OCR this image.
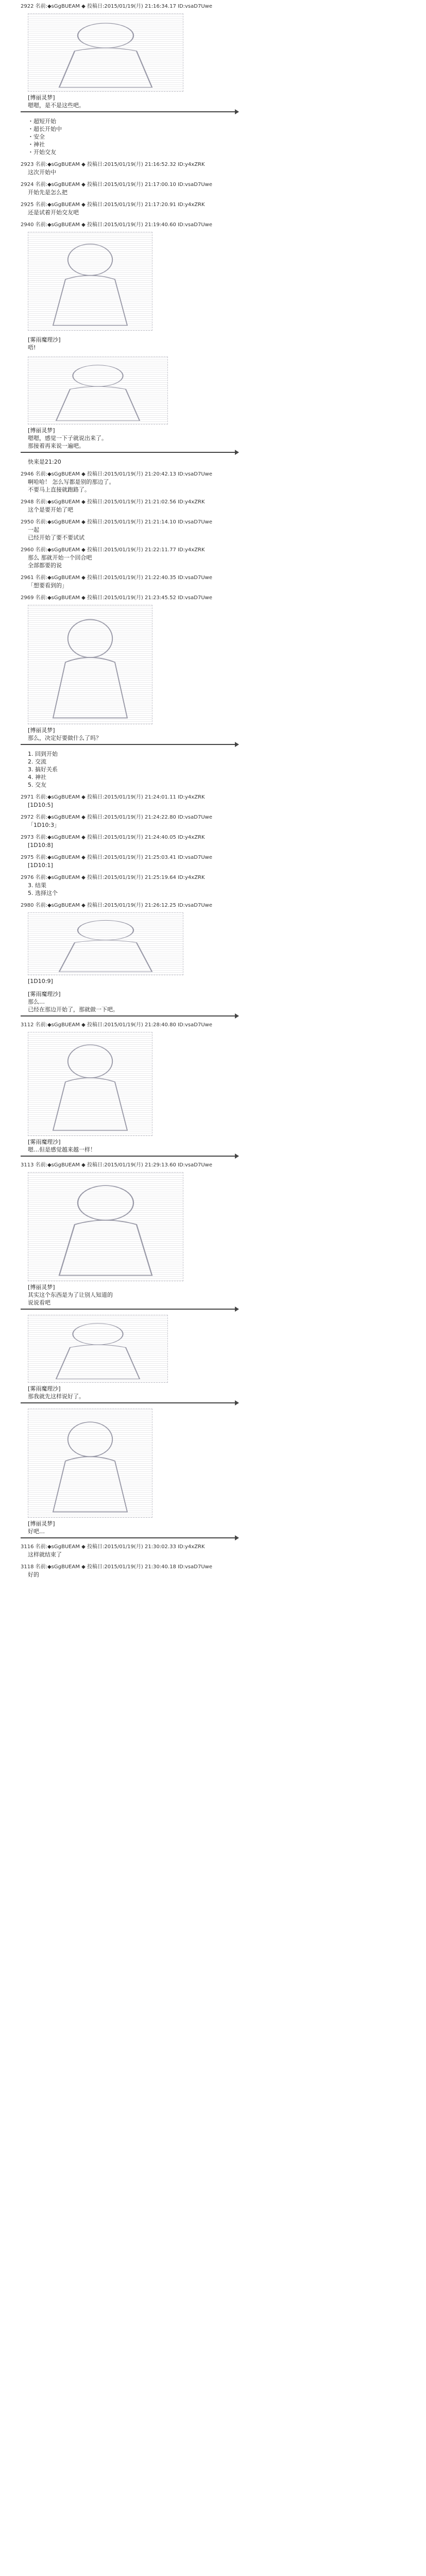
2922 名前:◆sGgBUEAM ◆ 投稿日:2015/01/19(月) 21:16:34.17 ID:vsaD7Uwe
[博丽灵梦]
嗯嗯，是不是这些吧。
・超短开始
・超长开始中
・安全
・神社
・开始交友
2923 名前:◆sGgBUEAM ◆ 投稿日:2015/01/19(月) 21:16:52.32 ID:y4xZRK
这次开始中
2924 名前:◆sGgBUEAM ◆ 投稿日:2015/01/19(月) 21:17:00.10 ID:vsaD7Uwe
开始先是怎么把
2925 名前:◆sGgBUEAM ◆ 投稿日:2015/01/19(月) 21:17:20.91 ID:y4xZRK
还是试着开始交友吧
2940 名前:◆sGgBUEAM ◆ 投稿日:2015/01/19(月) 21:19:40.60 ID:vsaD7Uwe
[雾雨魔理沙]
唔!
[博丽灵梦]
嗯嗯，感觉一下子就说出来了。
那接着再来说一遍吧。
快来是21:20
2946 名前:◆sGgBUEAM ◆ 投稿日:2015/01/19(月) 21:20:42.13 ID:vsaD7Uwe
啊哈哈！ 怎么写都是别的那边了。
不要马上直接就跑路了。
2948 名前:◆sGgBUEAM ◆ 投稿日:2015/01/19(月) 21:21:02.56 ID:y4xZRK
这个是要开始了吧
2950 名前:◆sGgBUEAM ◆ 投稿日:2015/01/19(月) 21:21:14.10 ID:vsaD7Uwe
一起
已经开始了要不要试试
2960 名前:◆sGgBUEAM ◆ 投稿日:2015/01/19(月) 21:22:11.77 ID:y4xZRK
那么 那就开始一个回合吧
全部都要的说
2961 名前:◆sGgBUEAM ◆ 投稿日:2015/01/19(月) 21:22:40.35 ID:vsaD7Uwe
「想要看到的」
2969 名前:◆sGgBUEAM ◆ 投稿日:2015/01/19(月) 21:23:45.52 ID:vsaD7Uwe
[博丽灵梦]
那么，决定好要做什么了吗？
1. 回到开始
2. 交流
3. 搞好关系
4. 神社
5. 交友
2971 名前:◆sGgBUEAM ◆ 投稿日:2015/01/19(月) 21:24:01.11 ID:y4xZRK
[1D10:5]
2972 名前:◆sGgBUEAM ◆ 投稿日:2015/01/19(月) 21:24:22.80 ID:vsaD7Uwe
「1D10:3」
2973 名前:◆sGgBUEAM ◆ 投稿日:2015/01/19(月) 21:24:40.05 ID:y4xZRK
[1D10:8]
2975 名前:◆sGgBUEAM ◆ 投稿日:2015/01/19(月) 21:25:03.41 ID:vsaD7Uwe
[1D10:1]
2976 名前:◆sGgBUEAM ◆ 投稿日:2015/01/19(月) 21:25:19.64 ID:y4xZRK
3. 结果
5. 选择这个
2980 名前:◆sGgBUEAM ◆ 投稿日:2015/01/19(月) 21:26:12.25 ID:vsaD7Uwe
[1D10:9]
[雾雨魔理沙]
那么…
已经在那边开始了，那就做一下吧。
3112 名前:◆sGgBUEAM ◆ 投稿日:2015/01/19(月) 21:28:40.80 ID:vsaD7Uwe
[雾雨魔理沙]
嗯…但是感觉越来越一样！
3113 名前:◆sGgBUEAM ◆ 投稿日:2015/01/19(月) 21:29:13.60 ID:vsaD7Uwe
[博丽灵梦]
其实这个东西是为了让别人知道的
说说看吧
[雾雨魔理沙]
那我就先这样说好了。
[博丽灵梦]
好吧…
3116 名前:◆sGgBUEAM ◆ 投稿日:2015/01/19(月) 21:30:02.33 ID:y4xZRK
这样就结束了
3118 名前:◆sGgBUEAM ◆ 投稿日:2015/01/19(月) 21:30:40.18 ID:vsaD7Uwe
好的
